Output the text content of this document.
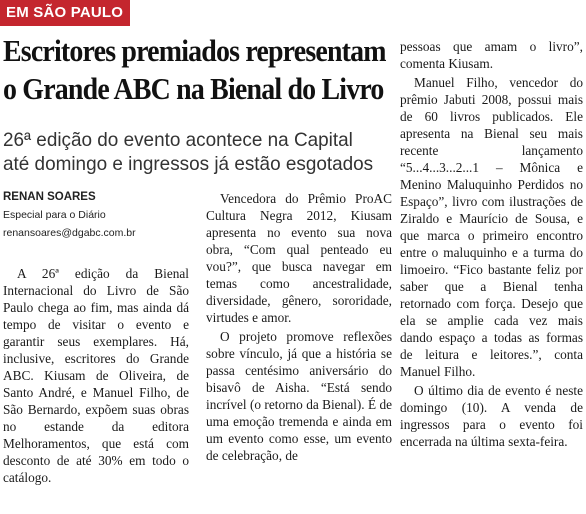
EM SÃO PAULO
Escritores premiados representam
o Grande ABC na Bienal do Livro
26ª edição do evento acontece na Capital
até domingo e ingressos já estão esgotados
RENAN SOARES
Especial para o Diário
renansoares@dgabc.com.br

A 26ª edição da Bienal Internacional do Livro de São Paulo chega ao fim, mas ainda dá tempo de visitar o evento e garantir seus exemplares. Há, inclusive, escritores do Grande ABC. Kiusam de Oliveira, de Santo André, e Manuel Filho, de São Bernardo, expõem suas obras no estande da editora Melhoramentos, que está com desconto de até 30% em todo o catálogo.

Vencedora do Prêmio ProAC Cultura Negra 2012, Kiusam apresenta no evento sua nova obra, “Com qual penteado eu vou?”, que busca navegar em temas como ancestralidade, diversidade, gênero, sororidade, virtudes e amor.

O projeto promove reflexões sobre vínculo, já que a história se passa centésimo aniversário do bisavô de Aisha. “Está sendo incrível (o retorno da Bienal). É de uma emoção tremenda e ainda em um evento como esse, um evento de celebração, de

pessoas que amam o livro”, comenta Kiusam.

Manuel Filho, vencedor do prêmio Jabuti 2008, possui mais de 60 livros publicados. Ele apresenta na Bienal seu mais recente lançamento “5...4...3...2...1 – Mônica e Menino Maluquinho Perdidos no Espaço”, livro com ilustrações de Ziraldo e Maurício de Sousa, e que marca o primeiro encontro entre o maluquinho e a turma do limoeiro. “Fico bastante feliz por saber que a Bienal tenha retornado com força. Desejo que ela se amplie cada vez mais dando espaço a todas as formas de leitura e leitores.”, conta Manuel Filho.

O último dia de evento é neste domingo (10). A venda de ingressos para o evento foi encerrada na última sexta-feira.
